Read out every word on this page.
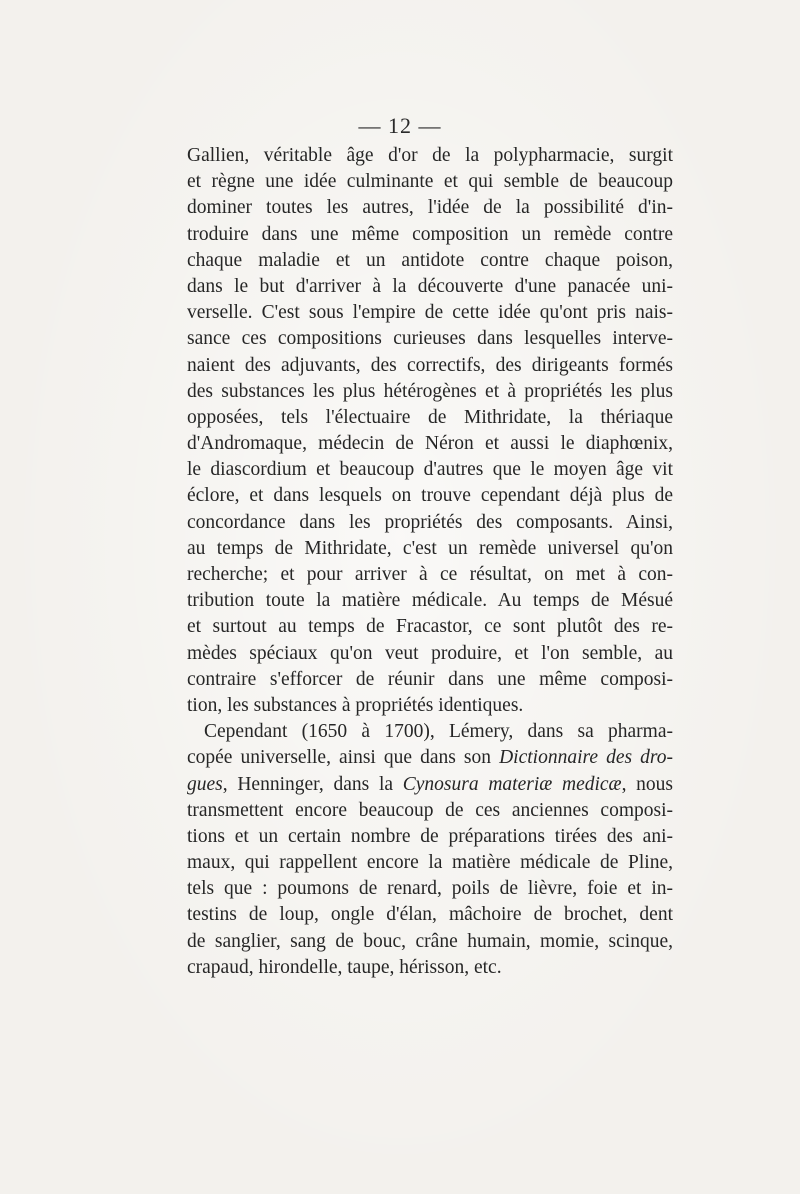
— 12 —
Gallien, véritable âge d'or de la polypharmacie, surgit
et règne une idée culminante et qui semble de beaucoup
dominer toutes les autres, l'idée de la possibilité d'in-
troduire dans une même composition un remède contre
chaque maladie et un antidote contre chaque poison,
dans le but d'arriver à la découverte d'une panacée uni-
verselle. C'est sous l'empire de cette idée qu'ont pris nais-
sance ces compositions curieuses dans lesquelles interve-
naient des adjuvants, des correctifs, des dirigeants formés
des substances les plus hétérogènes et à propriétés les plus
opposées, tels l'électuaire de Mithridate, la thériaque
d'Andromaque, médecin de Néron et aussi le diaphœnix,
le diascordium et beaucoup d'autres que le moyen âge vit
éclore, et dans lesquels on trouve cependant déjà plus de
concordance dans les propriétés des composants. Ainsi,
au temps de Mithridate, c'est un remède universel qu'on
recherche; et pour arriver à ce résultat, on met à con-
tribution toute la matière médicale. Au temps de Mésué
et surtout au temps de Fracastor, ce sont plutôt des re-
mèdes spéciaux qu'on veut produire, et l'on semble, au
contraire s'efforcer de réunir dans une même composi-
tion, les substances à propriétés identiques.
Cependant (1650 à 1700), Lémery, dans sa pharma-
copée universelle, ainsi que dans son Dictionnaire des dro-
gues, Henninger, dans la Cynosura materiæ medicæ, nous
transmettent encore beaucoup de ces anciennes composi-
tions et un certain nombre de préparations tirées des ani-
maux, qui rappellent encore la matière médicale de Pline,
tels que : poumons de renard, poils de lièvre, foie et in-
testins de loup, ongle d'élan, mâchoire de brochet, dent
de sanglier, sang de bouc, crâne humain, momie, scinque,
crapaud, hirondelle, taupe, hérisson, etc.
